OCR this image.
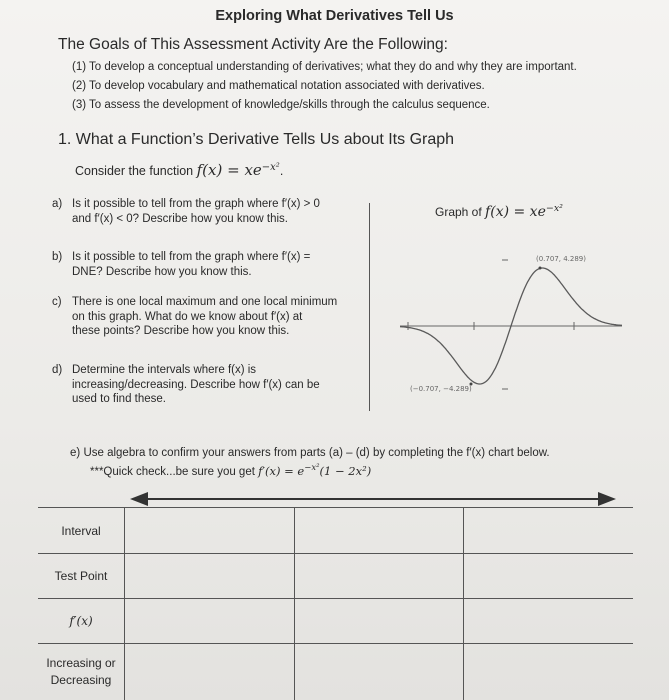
Exploring What Derivatives Tell Us
The Goals of This Assessment Activity Are the Following:
(1) To develop a conceptual understanding of derivatives; what they do and why they are important.
(2) To develop vocabulary and mathematical notation associated with derivatives.
(3) To assess the development of knowledge/skills through the calculus sequence.
1. What a Function’s Derivative Tells Us about Its Graph
Consider the function $f(x) = xe^{-x^2}$.
a) Is it possible to tell from the graph where f′(x) > 0
and f′(x) < 0? Describe how you know this.
b) Is it possible to tell from the graph where f′(x) =
DNE? Describe how you know this.
c) There is one local maximum and one local minimum
on this graph. What do we know about f′(x) at
these points? Describe how you know this.
d) Determine the intervals where f(x) is
increasing/decreasing. Describe how f′(x) can be
used to find these.
Graph of $f(x) = xe^{-x^2}$
(0.707, 4.289)
(−0.707, −4.289)
e) Use algebra to confirm your answers from parts (a) – (d) by completing the f′(x) chart below.
***Quick check...be sure you get $f'(x) = e^{-x^2}(1 - 2x^2)$
Interval			
Test Point			
f′(x)			
Increasing or Decreasing			
